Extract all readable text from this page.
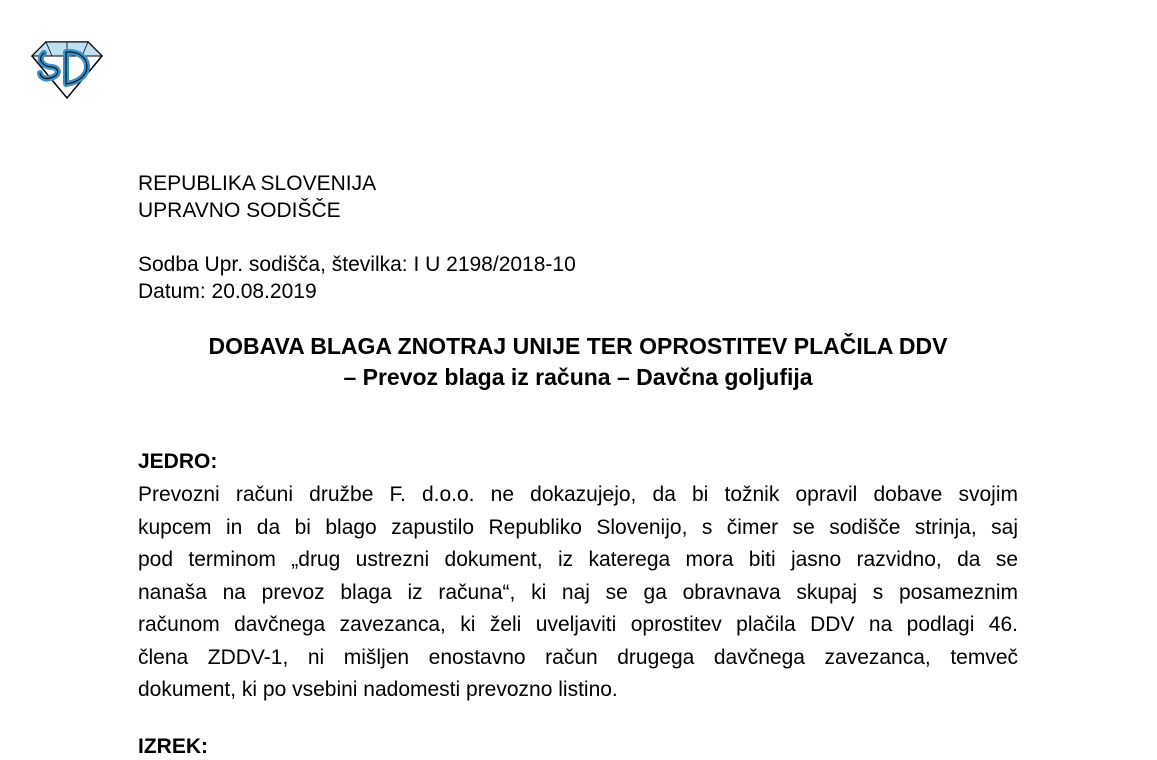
REPUBLIKA SLOVENIJA
UPRAVNO SODIŠČE
Sodba Upr. sodišča, številka: I U 2198/2018-10
Datum: 20.08.2019
DOBAVA BLAGA ZNOTRAJ UNIJE TER OPROSTITEV PLAČILA DDV
– Prevoz blaga iz računa – Davčna goljufija
JEDRO:
Prevozni računi družbe F. d.o.o. ne dokazujejo, da bi tožnik opravil dobave svojim
kupcem in da bi blago zapustilo Republiko Slovenijo, s čimer se sodišče strinja, saj
pod terminom „drug ustrezni dokument, iz katerega mora biti jasno razvidno, da se
nanaša na prevoz blaga iz računa“, ki naj se ga obravnava skupaj s posameznim
računom davčnega zavezanca, ki želi uveljaviti oprostitev plačila DDV na podlagi 46.
člena ZDDV-1, ni mišljen enostavno račun drugega davčnega zavezanca, temveč
dokument, ki po vsebini nadomesti prevozno listino.
IZREK:
